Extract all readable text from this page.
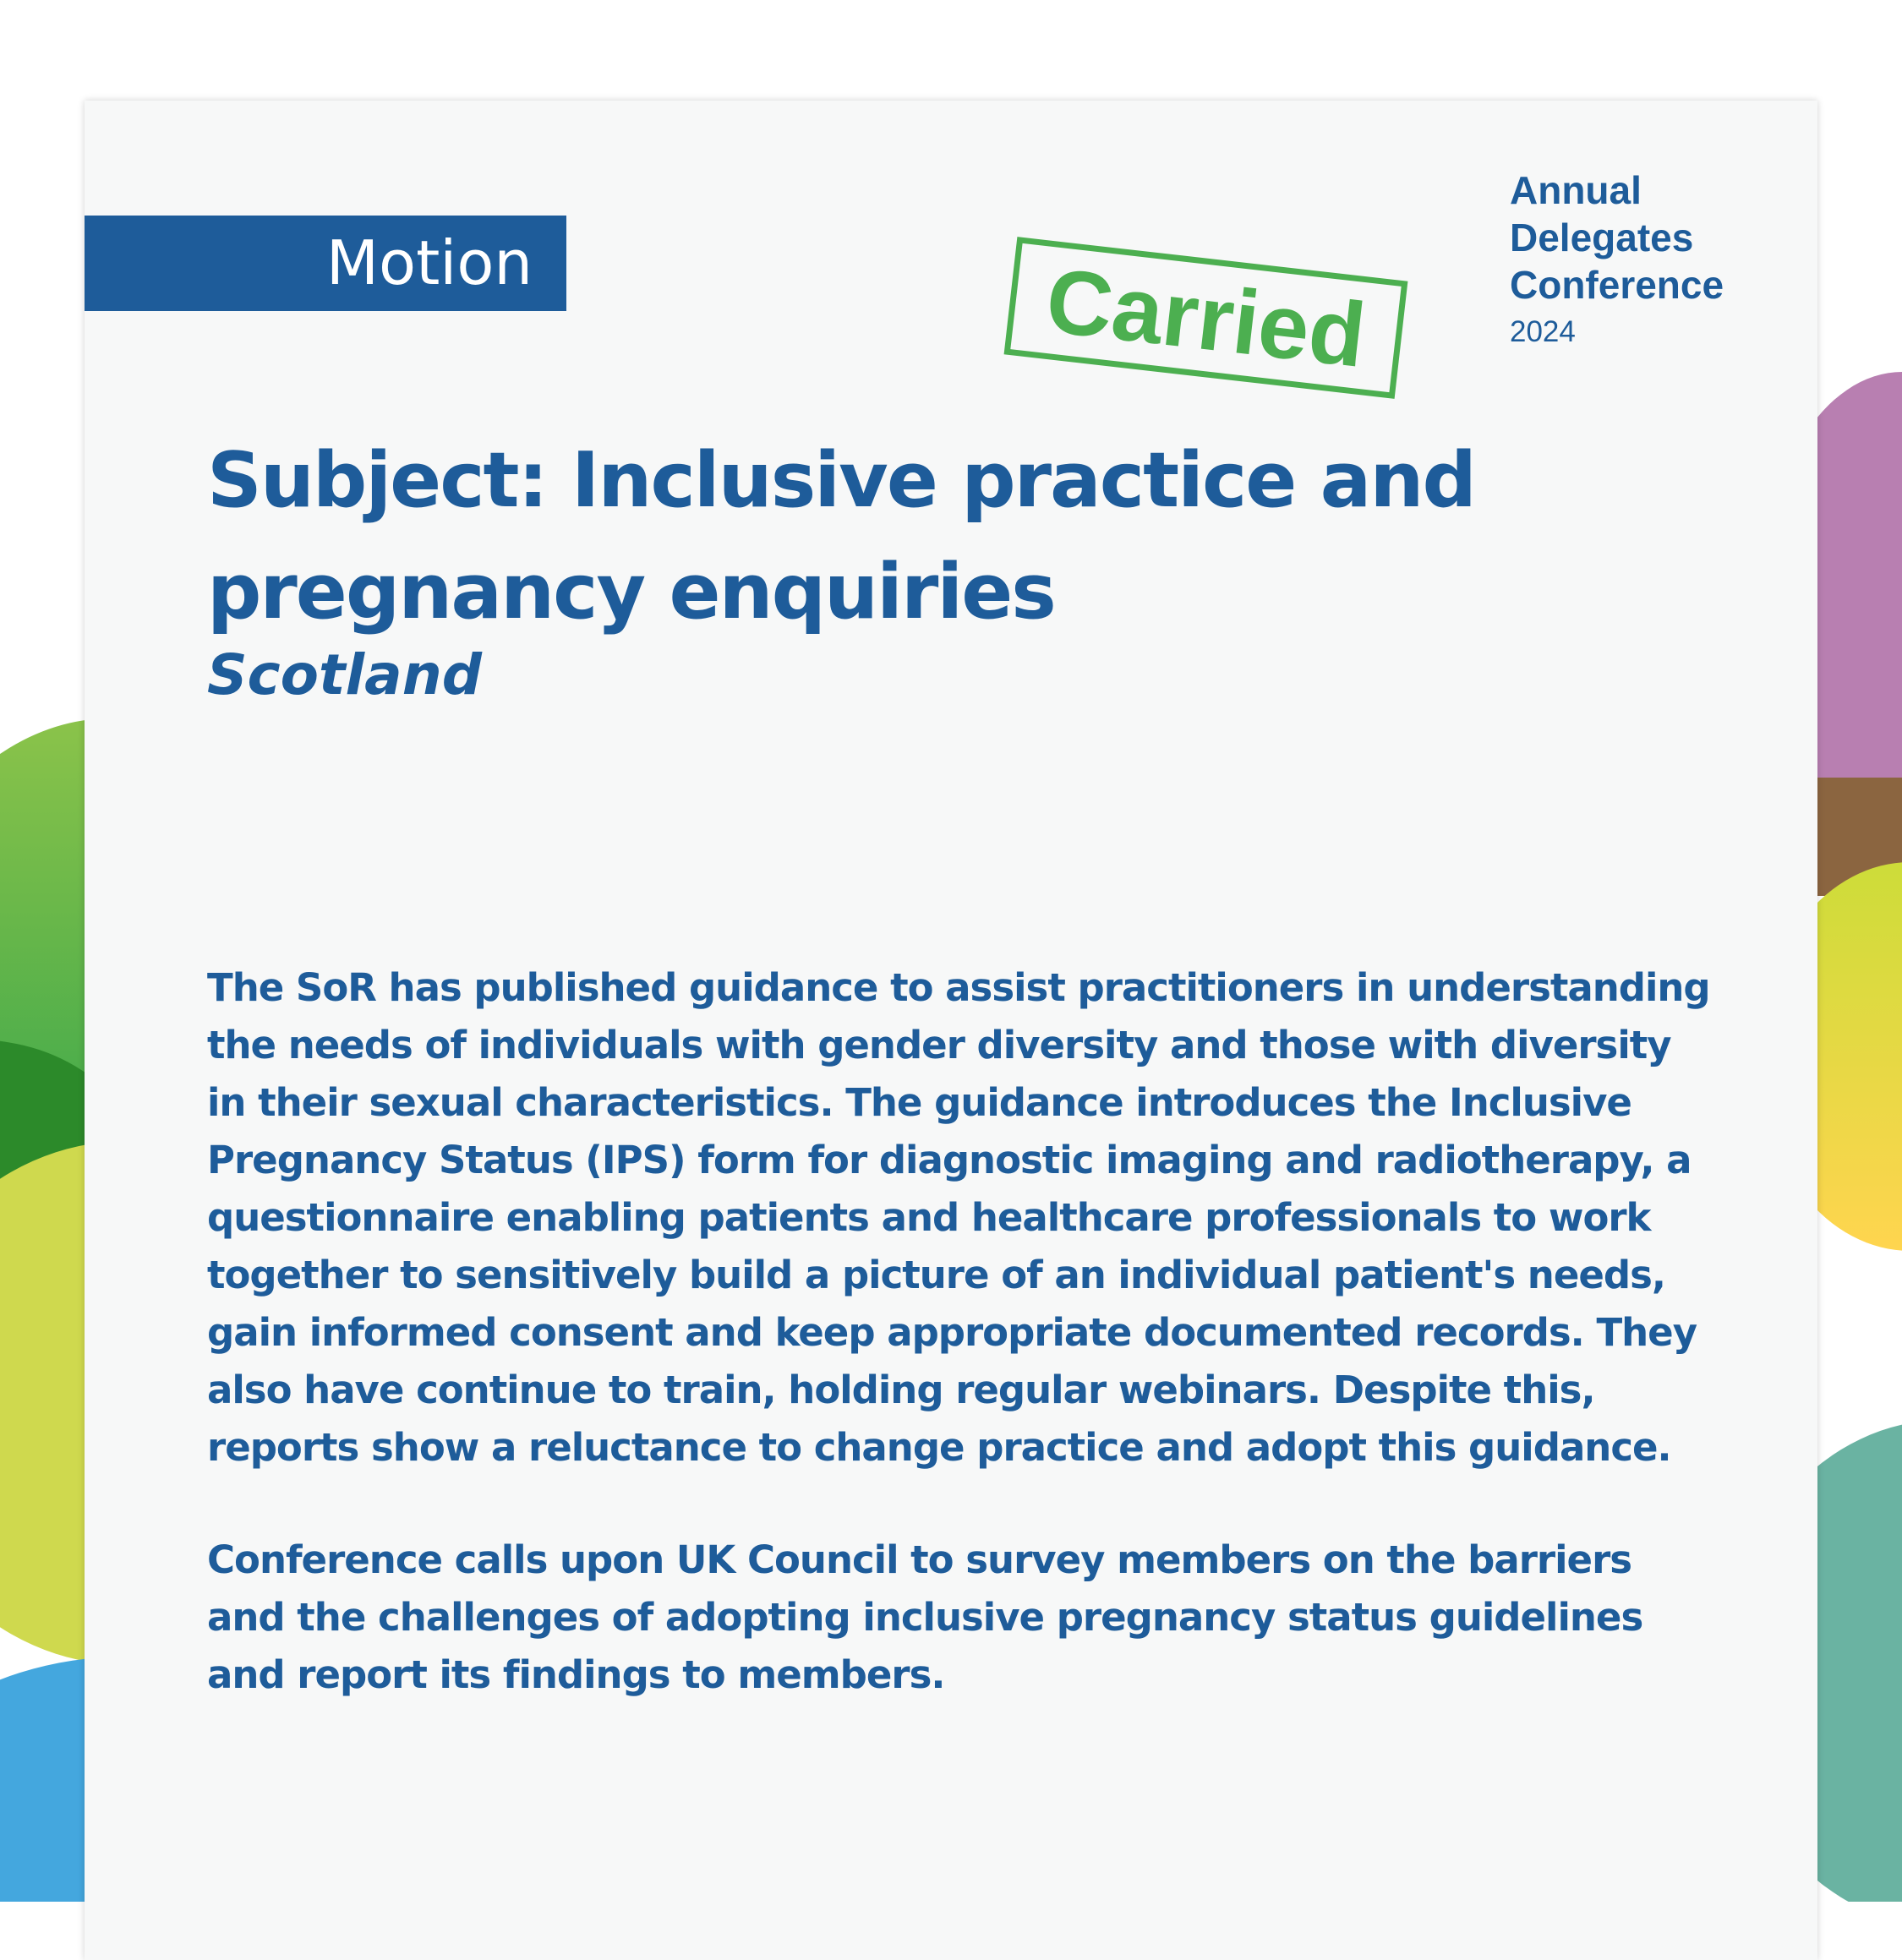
Motion	Carried
Annual
Delegates
Conference
2024
Subject: Inclusive practice and pregnancy enquiries
Scotland

The SoR has published guidance to assist practitioners in understanding the needs of individuals with gender diversity and those with diversity in their sexual characteristics. The guidance introduces the Inclusive Pregnancy Status (IPS) form for diagnostic imaging and radiotherapy, a questionnaire enabling patients and healthcare professionals to work together to sensitively build a picture of an individual patient's needs, gain informed consent and keep appropriate documented records. They also have continue to train, holding regular webinars. Despite this, reports show a reluctance to change practice and adopt this guidance.

Conference calls upon UK Council to survey members on the barriers and the challenges of adopting inclusive pregnancy status guidelines and report its findings to members.
